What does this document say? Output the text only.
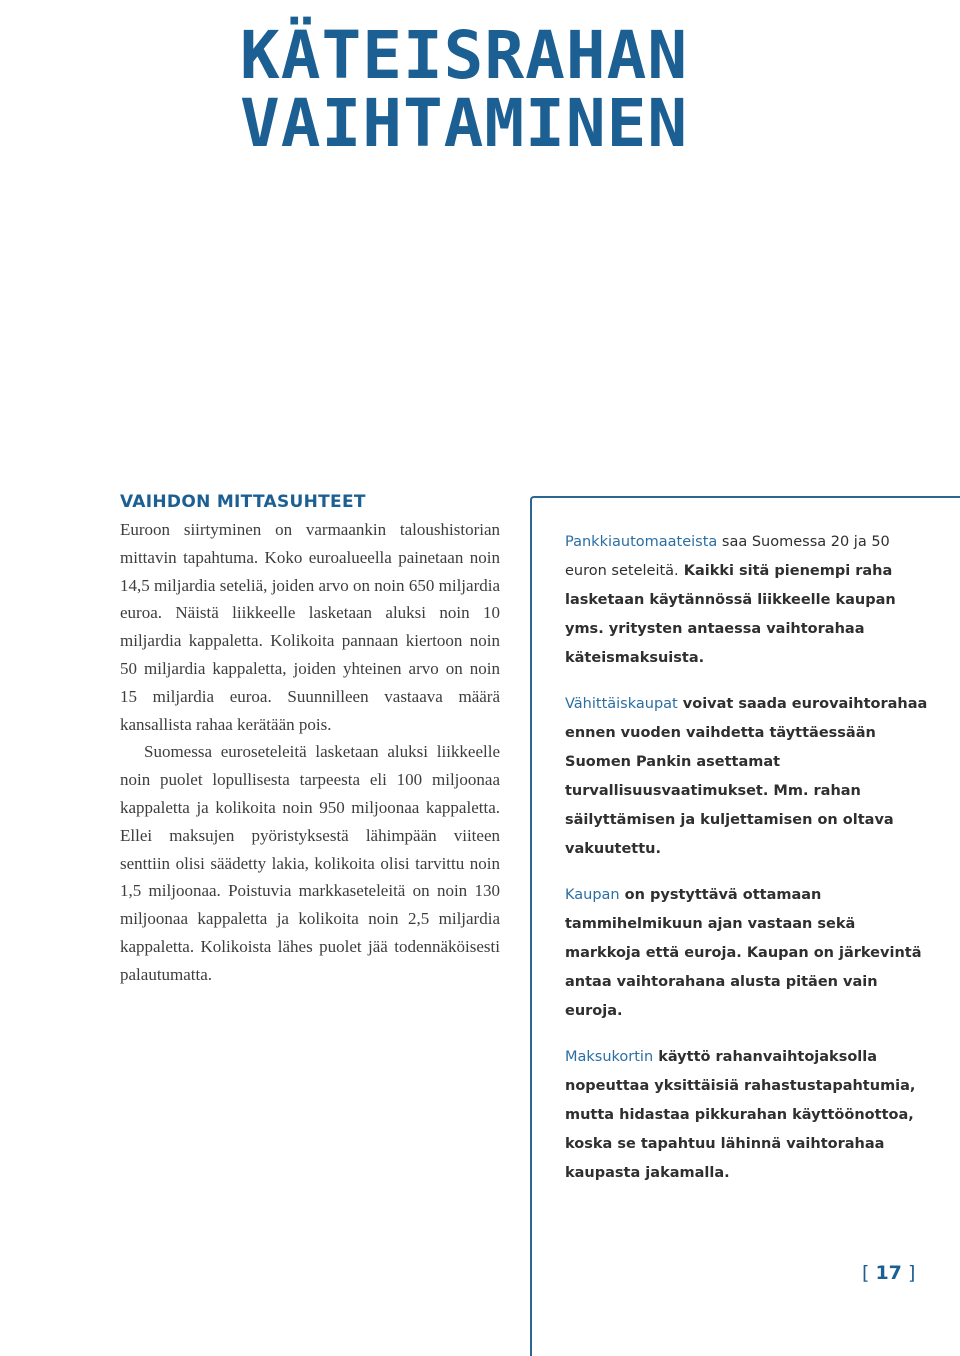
KÄTEISRAHAN
VAIHTAMINEN
VAIHDON MITTASUHTEET

Euroon siirtyminen on varmaankin taloushistorian mittavin tapahtuma. Koko euroalueella painetaan noin 14,5 miljardia seteliä, joiden arvo on noin 650 miljardia euroa. Näistä liikkeelle lasketaan aluksi noin 10 miljardia kappaletta. Kolikoita pannaan kiertoon noin 50 miljardia kappaletta, joiden yhteinen arvo on noin 15 miljardia euroa. Suunnilleen vastaava määrä kansallista rahaa kerätään pois.

Suomessa euroseteleitä lasketaan aluksi liikkeelle noin puolet lopullisesta tarpeesta eli 100 miljoonaa kappaletta ja kolikoita noin 950 miljoonaa kappaletta. Ellei maksujen pyöristyksestä lähimpään viiteen senttiin olisi säädetty lakia, kolikoita olisi tarvittu noin 1,5 miljoonaa. Poistuvia markkaseteleitä on noin 130 miljoonaa kappaletta ja kolikoita noin 2,5 miljardia kappaletta. Kolikoista lähes puolet jää todennäköisesti palautumatta.

Pankkiautomaateista saa Suomessa 20 ja 50 euron seteleitä. Kaikki sitä pienempi raha lasketaan käytännössä liikkeelle kaupan yms. yritysten antaessa vaihtorahaa käteismaksuista.

Vähittäiskaupat voivat saada eurovaihtorahaa ennen vuoden vaihdetta täyttäessään Suomen Pankin asettamat turvallisuusvaatimukset. Mm. rahan säilyttämisen ja kuljettamisen on oltava vakuutettu.

Kaupan on pystyttävä ottamaan tammihelmikuun ajan vastaan sekä markkoja että euroja. Kaupan on järkevintä antaa vaihtorahana alusta pitäen vain euroja.

Maksukortin käyttö rahanvaihtojaksolla nopeuttaa yksittäisiä rahastustapahtumia, mutta hidastaa pikkurahan käyttöönottoa, koska se tapahtuu lähinnä vaihtorahaa kaupasta jakamalla.

[ 17 ]
